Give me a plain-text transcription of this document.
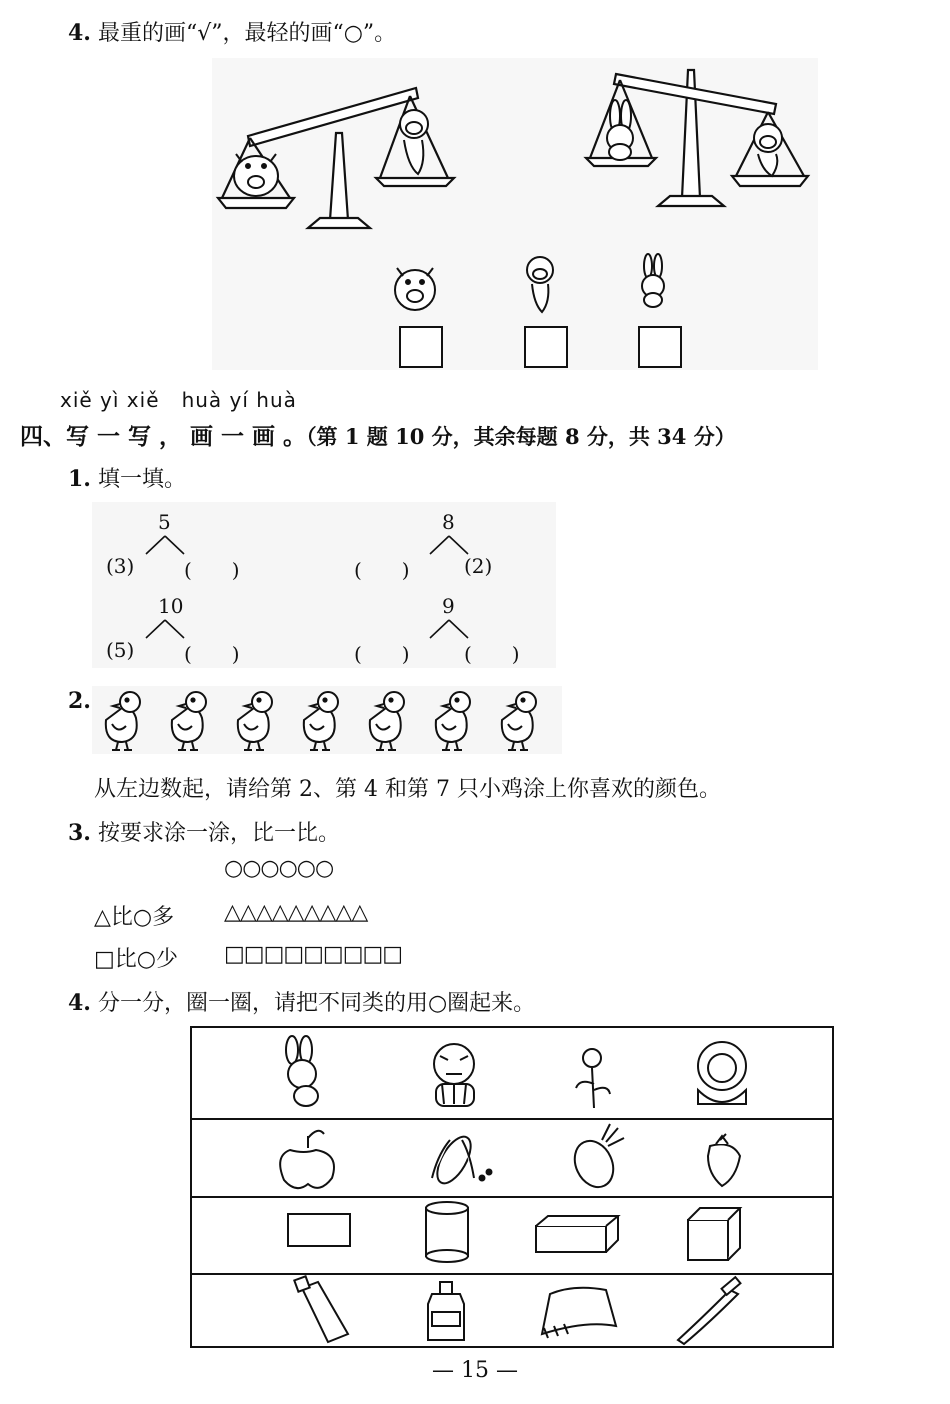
4. 最重的画“√”，最轻的画“○”。
xiě yì xiě   huà yí huà
四、写 一 写 ， 画 一 画 。（第 1 题 10 分，其余每题 8 分，共 34 分）
1. 填一填。
5
(3) (　　)
8
(　　)	(2)
10
(5) (　　)
9
(　　)	(　　)
2.
从左边数起，请给第 2、第 4 和第 7 只小鸡涂上你喜欢的颜色。
3. 按要求涂一涂，比一比。
○○○○○○
△比○多 △△△△△△△△△
□比○少 □□□□□□□□□
4. 分一分，圈一圈，请把不同类的用○圈起来。
— 15 —
